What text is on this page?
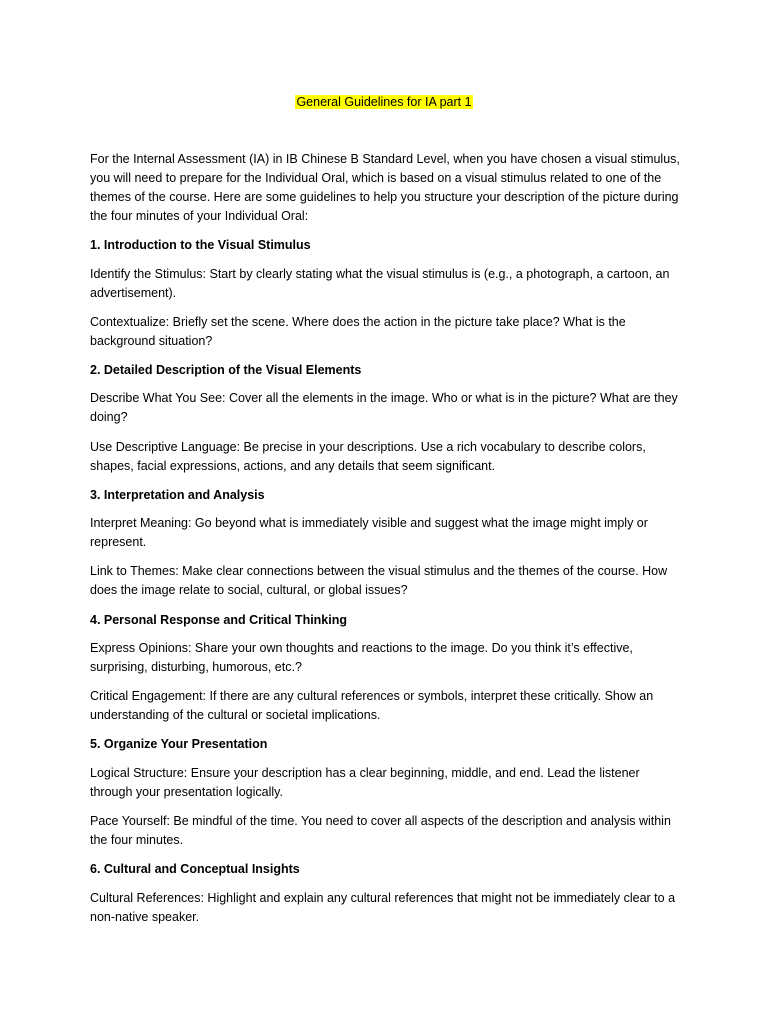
General Guidelines for IA part 1

For the Internal Assessment (IA) in IB Chinese B Standard Level, when you have chosen a visual stimulus, you will need to prepare for the Individual Oral, which is based on a visual stimulus related to one of the themes of the course. Here are some guidelines to help you structure your description of the picture during the four minutes of your Individual Oral:

1. Introduction to the Visual Stimulus

Identify the Stimulus: Start by clearly stating what the visual stimulus is (e.g., a photograph, a cartoon, an advertisement).

Contextualize: Briefly set the scene. Where does the action in the picture take place? What is the background situation?

2. Detailed Description of the Visual Elements

Describe What You See: Cover all the elements in the image. Who or what is in the picture? What are they doing?

Use Descriptive Language: Be precise in your descriptions. Use a rich vocabulary to describe colors, shapes, facial expressions, actions, and any details that seem significant.

3. Interpretation and Analysis

Interpret Meaning: Go beyond what is immediately visible and suggest what the image might imply or represent.

Link to Themes: Make clear connections between the visual stimulus and the themes of the course. How does the image relate to social, cultural, or global issues?

4. Personal Response and Critical Thinking

Express Opinions: Share your own thoughts and reactions to the image. Do you think it’s effective, surprising, disturbing, humorous, etc.?

Critical Engagement: If there are any cultural references or symbols, interpret these critically. Show an understanding of the cultural or societal implications.

5. Organize Your Presentation

Logical Structure: Ensure your description has a clear beginning, middle, and end. Lead the listener through your presentation logically.

Pace Yourself: Be mindful of the time. You need to cover all aspects of the description and analysis within the four minutes.

6. Cultural and Conceptual Insights

Cultural References: Highlight and explain any cultural references that might not be immediately clear to a non-native speaker.
